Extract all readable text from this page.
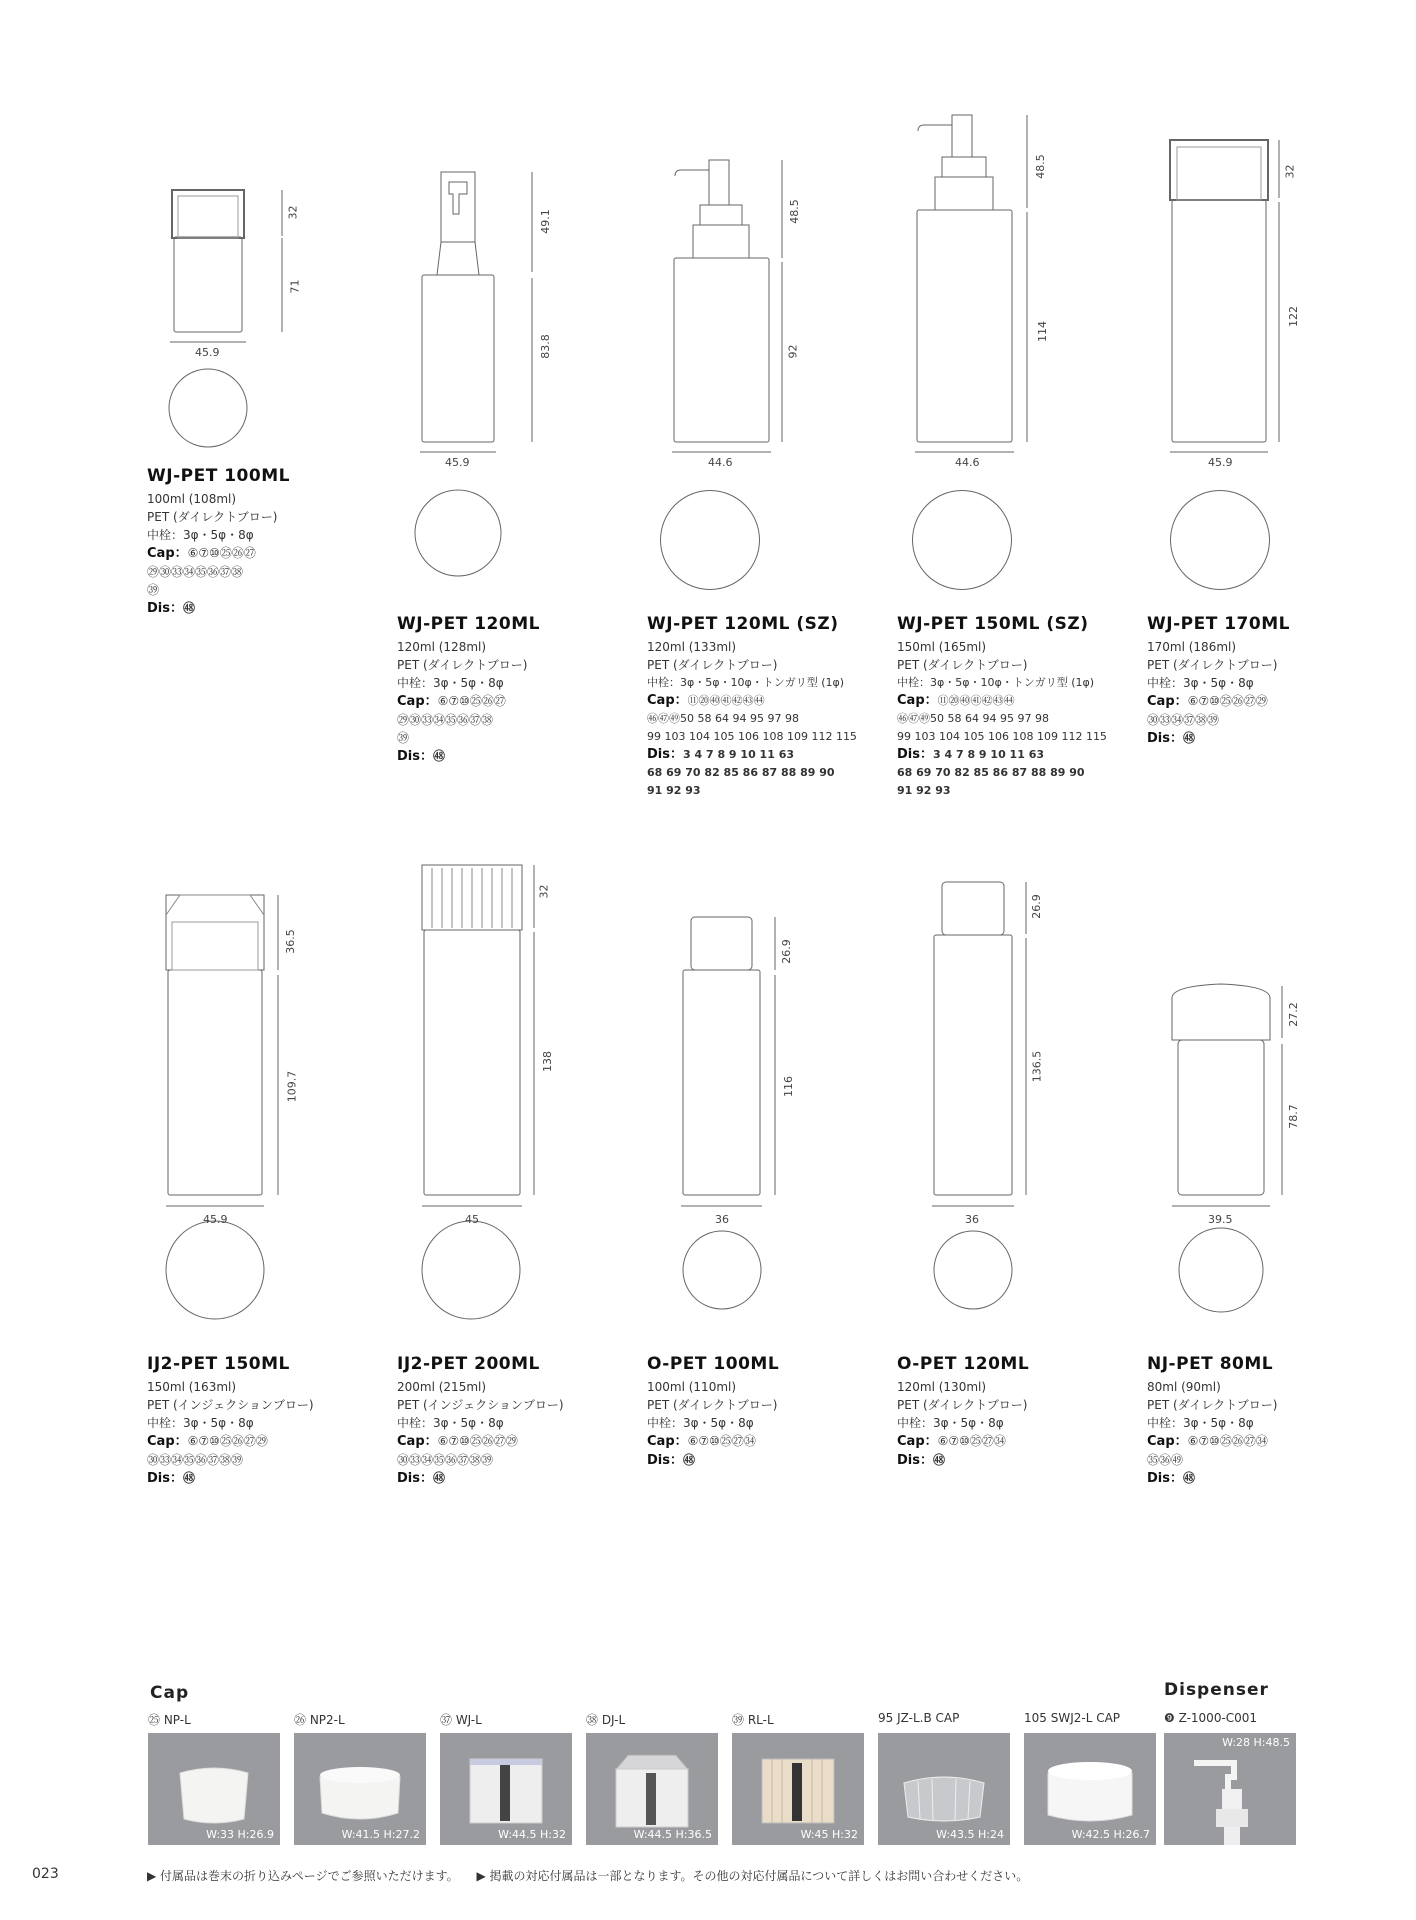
32
71
45.9
WJ-PET 100ML
100ml (108ml)
PET (ダイレクトブロー)
中栓：3φ・5φ・8φ
Cap：⑥⑦⑩㉕㉖㉗
㉙㉚㉝㉞㉟㊱㊲㊳
㊴
Dis：㊽
49.1
83.8
45.9	44.6	44.6	45.9
48.5
92
48.5
114
32
122
WJ-PET 120ML
120ml (128ml)
PET (ダイレクトブロー)
中栓：3φ・5φ・8φ
Cap：⑥⑦⑩㉕㉖㉗
㉙㉚㉝㉞㉟㊱㊲㊳
㊴
Dis：㊽
WJ-PET 120ML (SZ)
120ml (133ml)
PET (ダイレクトブロー)
中栓：3φ・5φ・10φ・トンガリ型 (1φ)
Cap：⑪⑳㊵㊶㊷㊸㊹
㊻㊼㊾50 58 64 94 95 97 98
99 103 104 105 106 108 109 112 115
Dis：3 4 7 8 9 10 11 63
68 69 70 82 85 86 87 88 89 90
91 92 93
WJ-PET 150ML (SZ)
150ml (165ml)
PET (ダイレクトブロー)
中栓：3φ・5φ・10φ・トンガリ型 (1φ)
Cap：⑪⑳㊵㊶㊷㊸㊹
㊻㊼㊾50 58 64 94 95 97 98
99 103 104 105 106 108 109 112 115
Dis：3 4 7 8 9 10 11 63
68 69 70 82 85 86 87 88 89 90
91 92 93
WJ-PET 170ML
170ml (186ml)
PET (ダイレクトブロー)
中栓：3φ・5φ・8φ
Cap：⑥⑦⑩㉕㉖㉗㉙
㉚㉝㉞㊲㊳㊴
Dis：㊽
45.9	45	36	36	39.5
36.5
109.7
32
138
26.9
116
26.9
136.5
27.2
78.7
IJ2-PET 150ML
150ml (163ml)
PET (インジェクションブロー)
中栓：3φ・5φ・8φ
Cap：⑥⑦⑩㉕㉖㉗㉙
㉚㉝㉞㉟㊱㊲㊳㊴
Dis：㊽
IJ2-PET 200ML
200ml (215ml)
PET (インジェクションブロー)
中栓：3φ・5φ・8φ
Cap：⑥⑦⑩㉕㉖㉗㉙
㉚㉝㉞㉟㊱㊲㊳㊴
Dis：㊽
O-PET 100ML
100ml (110ml)
PET (ダイレクトブロー)
中栓：3φ・5φ・8φ
Cap：⑥⑦⑩㉕㉗㉞
Dis：㊽
O-PET 120ML
120ml (130ml)
PET (ダイレクトブロー)
中栓：3φ・5φ・8φ
Cap：⑥⑦⑩㉕㉗㉞
Dis：㊽
NJ-PET 80ML
80ml (90ml)
PET (ダイレクトブロー)
中栓：3φ・5φ・8φ
Cap：⑥⑦⑩㉕㉖㉗㉞
㉟㊱㊾
Dis：㊽
Cap	Dispenser
㉕ NP-L
W:33 H:26.9
㉖ NP2-L
W:41.5 H:27.2
㊲ WJ-L
W:44.5 H:32
㊳ DJ-L
W:44.5 H:36.5
㊴ RL-L
W:45 H:32
95 JZ-L.B CAP
W:43.5 H:24
105 SWJ2-L CAP
W:42.5 H:26.7
❾ Z-1000-C001
W:28 H:48.5
023	▶ 付属品は巻末の折り込みページでご参照いただけます。 ▶ 掲載の対応付属品は一部となります。その他の対応付属品について詳しくはお問い合わせください。
